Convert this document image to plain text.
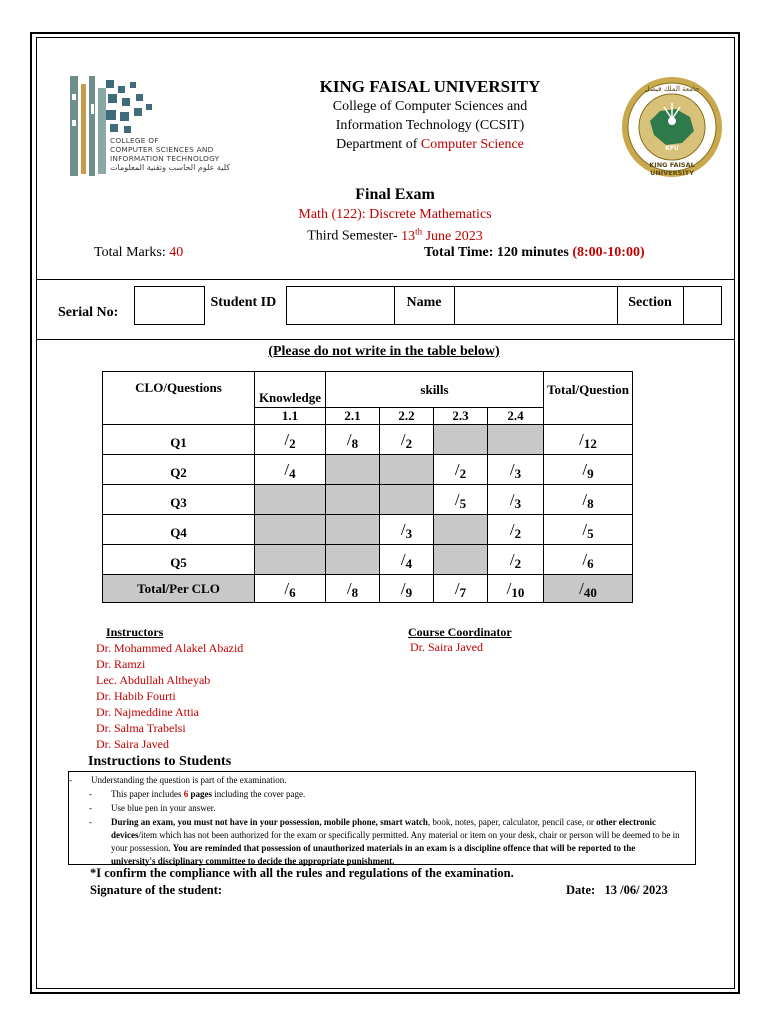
COLLEGE OF
COMPUTER SCIENCES AND
INFORMATION TECHNOLOGY
كلية علوم الحاسب وتقنية المعلومات
KING FAISAL UNIVERSITY
College of Computer Sciences and
Information Technology (CCSIT)
Department of Computer Science
جامعة الملك فيصل
KFU
KING FAISAL UNIVERSITY
Final Exam
Math (122): Discrete Mathematics
Third Semester- 13th June 2023
Total Marks: 40	Total Time: 120 minutes (8:00-10:00)
Serial No:

Student ID		Name		Section

(Please do not write in the table below)
CLO/Questions	Knowledge	skills				Total/Question

	1.1	2.1	2.2	2.3	2.4	
Q1	/2	/8	/2			/12

Q2	/4			/2	/3	/9

Q3				/5	/3	/8

Q4			/3		/2	/5

Q5			/4		/2	/6

Total/Per CLO	/6	/8	/9	/7	/10	/40
Instructors
Dr. Mohammed Alakel Abazid
Dr. Ramzi
Lec. Abdullah Altheyab
Dr. Habib Fourti
Dr. Najmeddine Attia
Dr. Salma Trabelsi
Dr. Saira Javed
Course Coordinator
Dr. Saira Javed
Instructions to Students
- Understanding the question is part of the examination.
- This paper includes 6 pages including the cover page.
- Use blue pen in your answer.
- During an exam, you must not have in your possession, mobile phone, smart watch, book, notes, paper, calculator, pencil case, or other electronic devices/item which has not been authorized for the exam or specifically permitted. Any material or item on your desk, chair or person will be deemed to be in your possession. You are reminded that possession of unauthorized materials in an exam is a discipline offence that will be reported to the university's disciplinary committee to decide the appropriate punishment.
*I confirm the compliance with all the rules and regulations of the examination.
Signature of the student:	Date:   13 /06/ 2023
